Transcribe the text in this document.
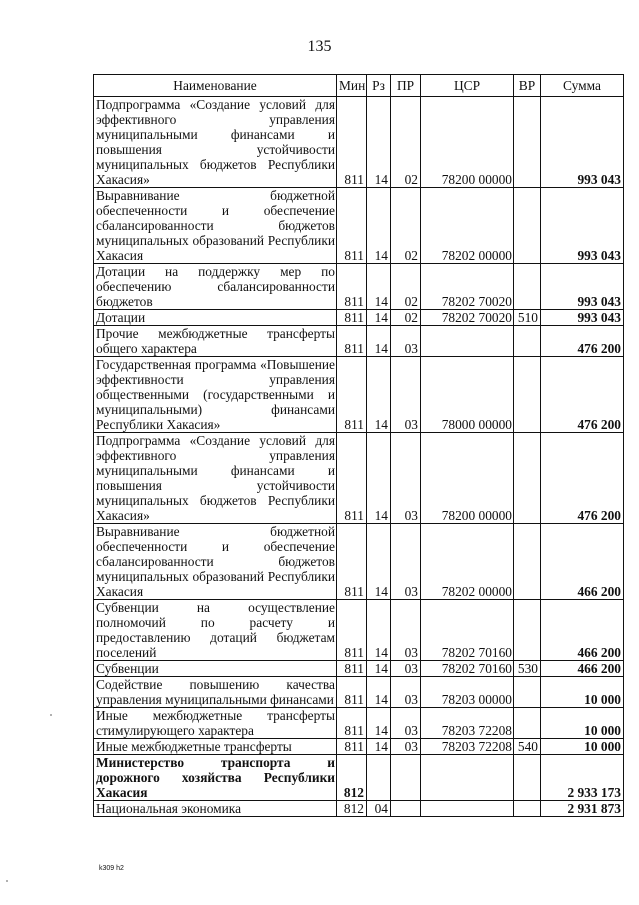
135
Наименование	Мин	Рз	ПР	ЦСР	ВР	Сумма
Подпрограмма «Создание условий для эффективного управления муниципальными финансами и повышения устойчивости муниципальных бюджетов Республики Хакасия»	811	14	02	78200 00000		993 043
Выравнивание бюджетной обеспеченности и обеспечение сбалансированности бюджетов муниципальных образований Республики Хакасия	811	14	02	78202 00000		993 043
Дотации на поддержку мер по обеспечению сбалансированности бюджетов	811	14	02	78202 70020		993 043
Дотации	811	14	02	78202 70020	510	993 043
Прочие межбюджетные трансферты общего характера	811	14	03			476 200
Государственная программа «Повышение эффективности управления общественными (государственными и муниципальными) финансами Республики Хакасия»	811	14	03	78000 00000		476 200
Подпрограмма «Создание условий для эффективного управления муниципальными финансами и повышения устойчивости муниципальных бюджетов Республики Хакасия»	811	14	03	78200 00000		476 200
Выравнивание бюджетной обеспеченности и обеспечение сбалансированности бюджетов муниципальных образований Республики Хакасия	811	14	03	78202 00000		466 200
Субвенции на осуществление полномочий по расчету и предоставлению дотаций бюджетам поселений	811	14	03	78202 70160		466 200
Субвенции	811	14	03	78202 70160	530	466 200
Содействие повышению качества управления муниципальными финансами	811	14	03	78203 00000		10 000
Иные межбюджетные трансферты стимулирующего характера	811	14	03	78203 72208		10 000
Иные межбюджетные трансферты	811	14	03	78203 72208	540	10 000
Министерство транспорта и дорожного хозяйства Республики Хакасия	812					2 933 173
Национальная экономика	812	04				2 931 873
k309 h2
